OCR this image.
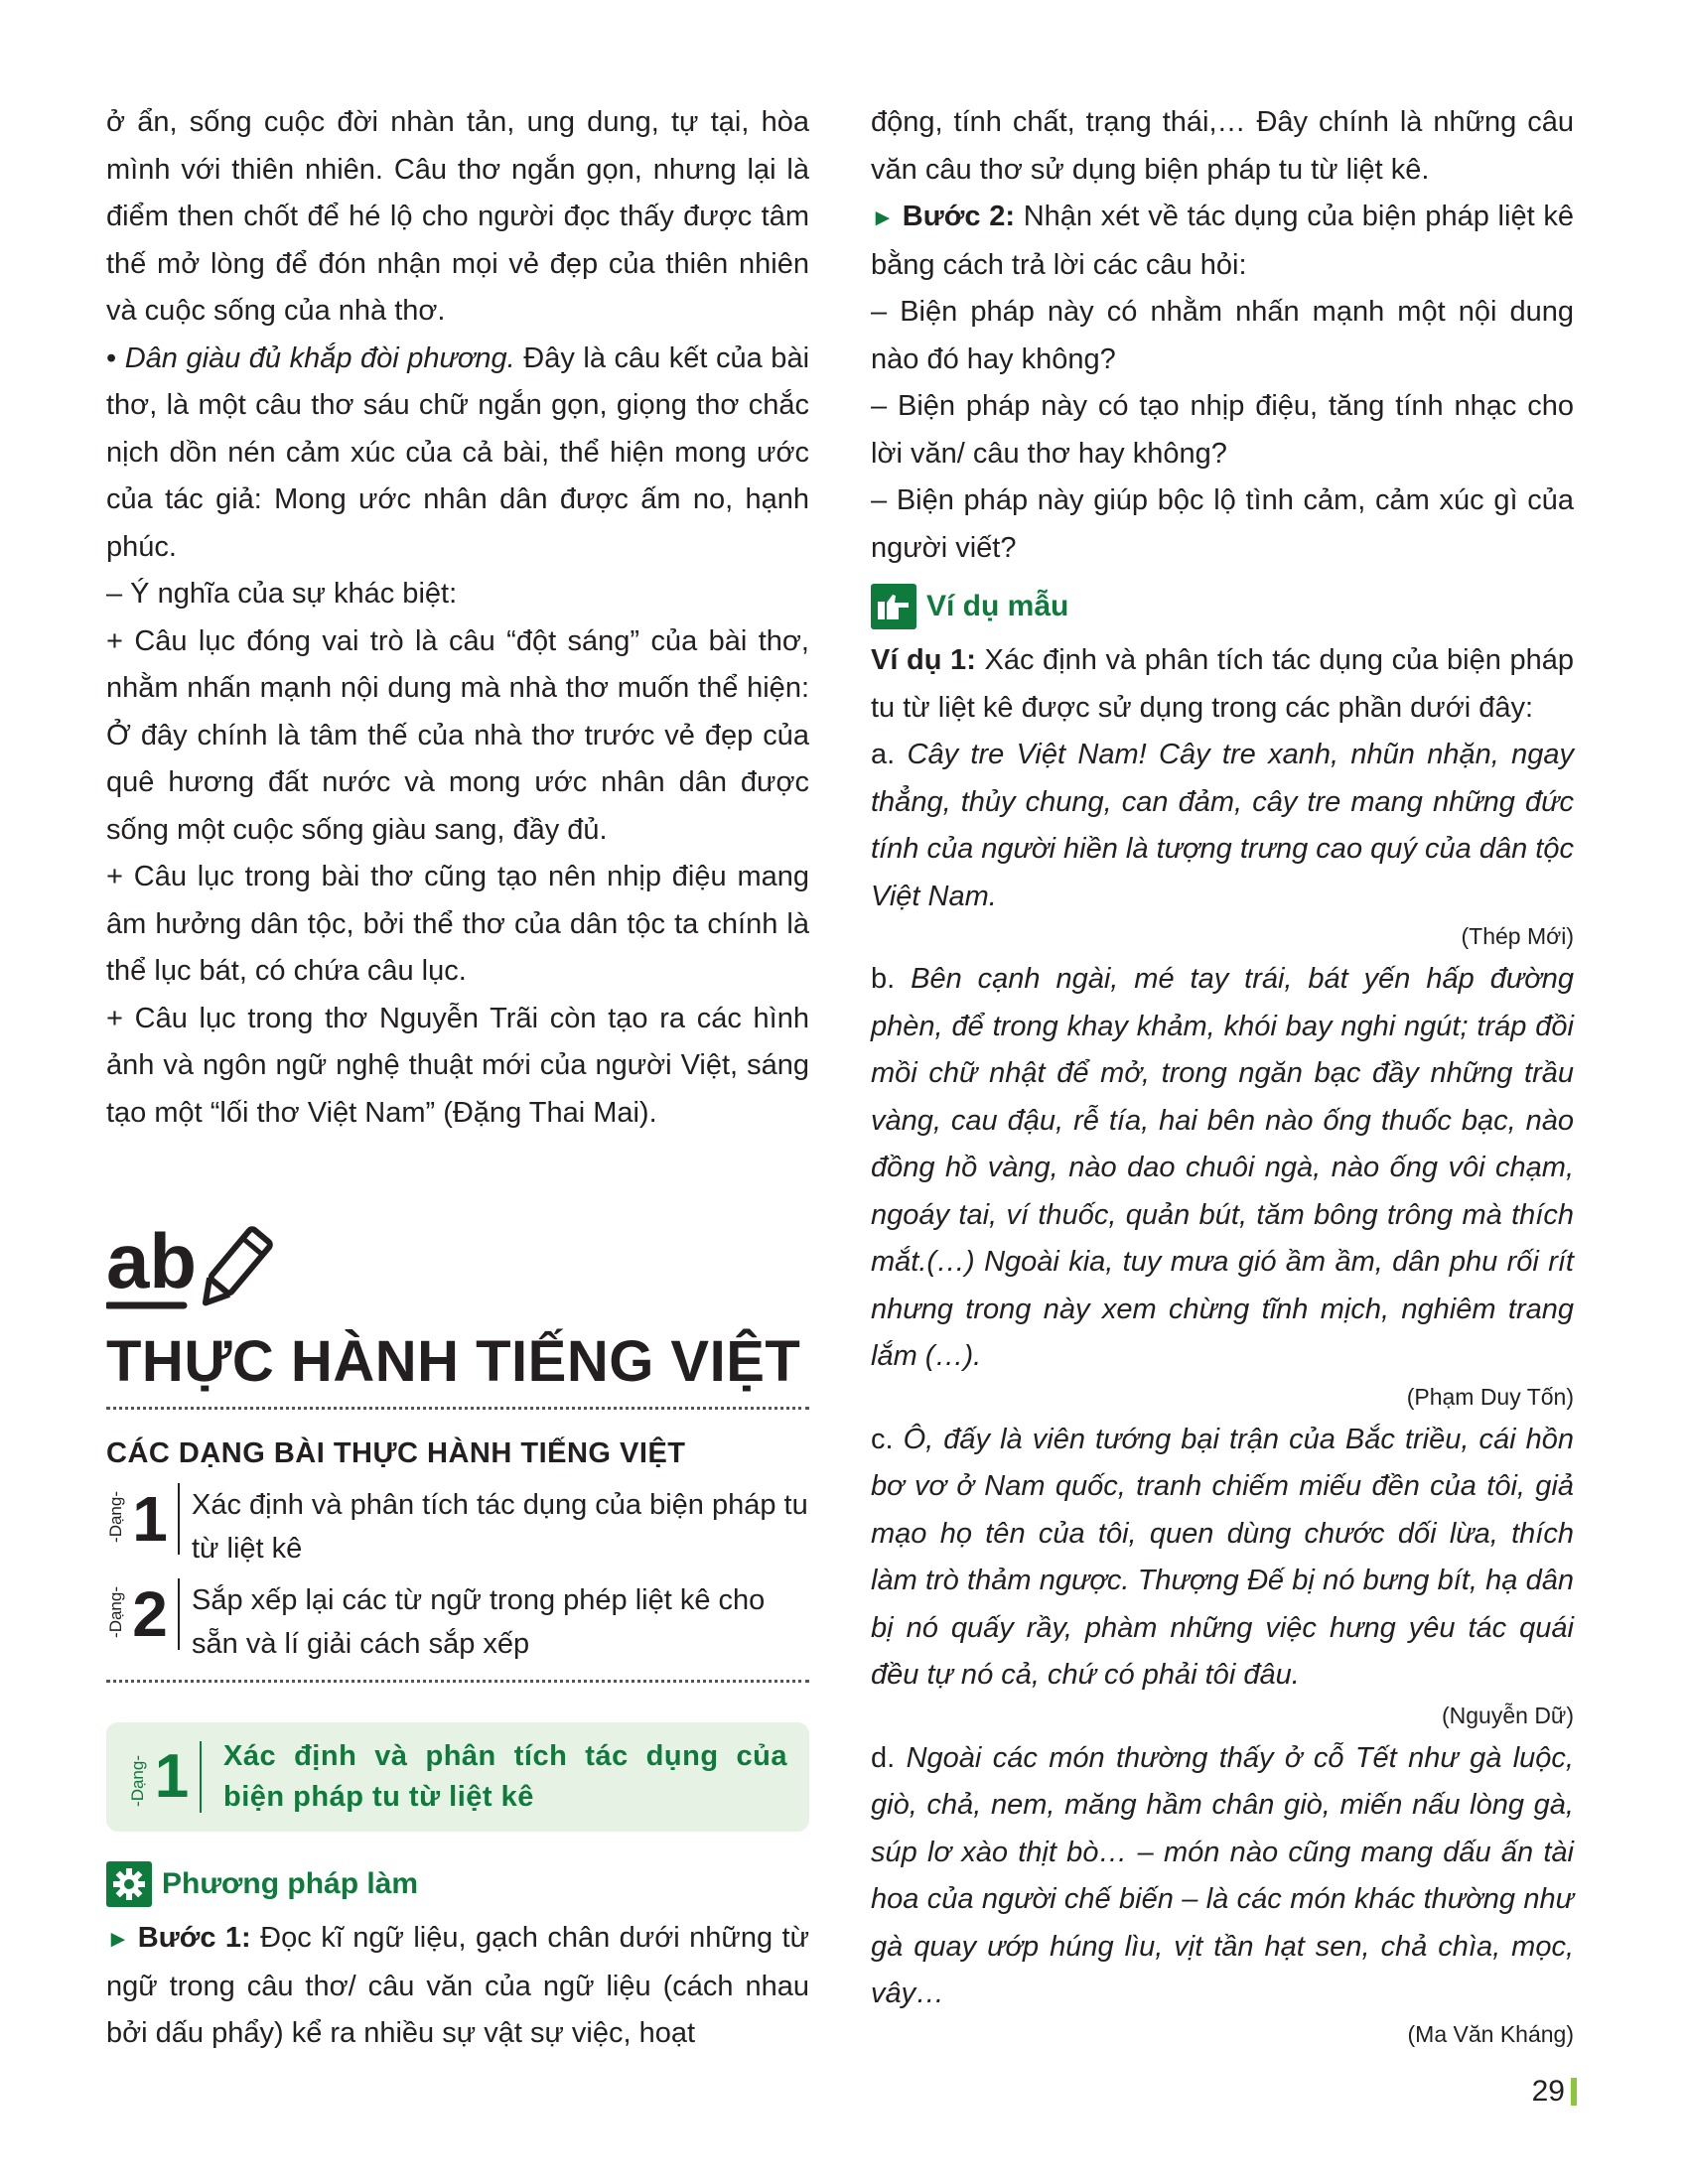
ở ẩn, sống cuộc đời nhàn tản, ung dung, tự tại, hòa mình với thiên nhiên. Câu thơ ngắn gọn, nhưng lại là điểm then chốt để hé lộ cho người đọc thấy được tâm thế mở lòng để đón nhận mọi vẻ đẹp của thiên nhiên và cuộc sống của nhà thơ.

• Dân giàu đủ khắp đòi phương. Đây là câu kết của bài thơ, là một câu thơ sáu chữ ngắn gọn, giọng thơ chắc nịch dồn nén cảm xúc của cả bài, thể hiện mong ước của tác giả: Mong ước nhân dân được ấm no, hạnh phúc.

– Ý nghĩa của sự khác biệt:

+ Câu lục đóng vai trò là câu “đột sáng” của bài thơ, nhằm nhấn mạnh nội dung mà nhà thơ muốn thể hiện: Ở đây chính là tâm thế của nhà thơ trước vẻ đẹp của quê hương đất nước và mong ước nhân dân được sống một cuộc sống giàu sang, đầy đủ.

+ Câu lục trong bài thơ cũng tạo nên nhịp điệu mang âm hưởng dân tộc, bởi thể thơ của dân tộc ta chính là thể lục bát, có chứa câu lục.

+ Câu lục trong thơ Nguyễn Trãi còn tạo ra các hình ảnh và ngôn ngữ nghệ thuật mới của người Việt, sáng tạo một “lối thơ Việt Nam” (Đặng Thai Mai).

ab
THỰC HÀNH TIẾNG VIỆT
CÁC DẠNG BÀI THỰC HÀNH TIẾNG VIỆT
-Dạng- 1 Xác định và phân tích tác dụng của biện pháp tu từ liệt kê
-Dạng- 2 Sắp xếp lại các từ ngữ trong phép liệt kê cho sẵn và lí giải cách sắp xếp
-Dạng- 1	Xác định và phân tích tác dụng của biện pháp tu từ liệt kê
Phương pháp làm

► Bước 1: Đọc kĩ ngữ liệu, gạch chân dưới những từ ngữ trong câu thơ/ câu văn của ngữ liệu (cách nhau bởi dấu phẩy) kể ra nhiều sự vật sự việc, hoạt

động, tính chất, trạng thái,… Đây chính là những câu văn câu thơ sử dụng biện pháp tu từ liệt kê.

► Bước 2: Nhận xét về tác dụng của biện pháp liệt kê bằng cách trả lời các câu hỏi:

– Biện pháp này có nhằm nhấn mạnh một nội dung nào đó hay không?

– Biện pháp này có tạo nhịp điệu, tăng tính nhạc cho lời văn/ câu thơ hay không?

– Biện pháp này giúp bộc lộ tình cảm, cảm xúc gì của người viết?

Ví dụ mẫu

Ví dụ 1: Xác định và phân tích tác dụng của biện pháp tu từ liệt kê được sử dụng trong các phần dưới đây:

a. Cây tre Việt Nam! Cây tre xanh, nhũn nhặn, ngay thẳng, thủy chung, can đảm, cây tre mang những đức tính của người hiền là tượng trưng cao quý của dân tộc Việt Nam.

(Thép Mới)

b. Bên cạnh ngài, mé tay trái, bát yến hấp đường phèn, để trong khay khảm, khói bay nghi ngút; tráp đồi mồi chữ nhật để mở, trong ngăn bạc đầy những trầu vàng, cau đậu, rễ tía, hai bên nào ống thuốc bạc, nào đồng hồ vàng, nào dao chuôi ngà, nào ống vôi chạm, ngoáy tai, ví thuốc, quản bút, tăm bông trông mà thích mắt.(…) Ngoài kia, tuy mưa gió ầm ầm, dân phu rối rít nhưng trong này xem chừng tĩnh mịch, nghiêm trang lắm (…).

(Phạm Duy Tốn)

c. Ô, đấy là viên tướng bại trận của Bắc triều, cái hồn bơ vơ ở Nam quốc, tranh chiếm miếu đền của tôi, giả mạo họ tên của tôi, quen dùng chước dối lừa, thích làm trò thảm ngược. Thượng Đế bị nó bưng bít, hạ dân bị nó quấy rầy, phàm những việc hưng yêu tác quái đều tự nó cả, chứ có phải tôi đâu.

(Nguyễn Dữ)

d. Ngoài các món thường thấy ở cỗ Tết như gà luộc, giò, chả, nem, măng hầm chân giò, miến nấu lòng gà, súp lơ xào thịt bò… – món nào cũng mang dấu ấn tài hoa của người chế biến – là các món khác thường như gà quay ướp húng lìu, vịt tần hạt sen, chả chìa, mọc, vây…

(Ma Văn Kháng)
29
